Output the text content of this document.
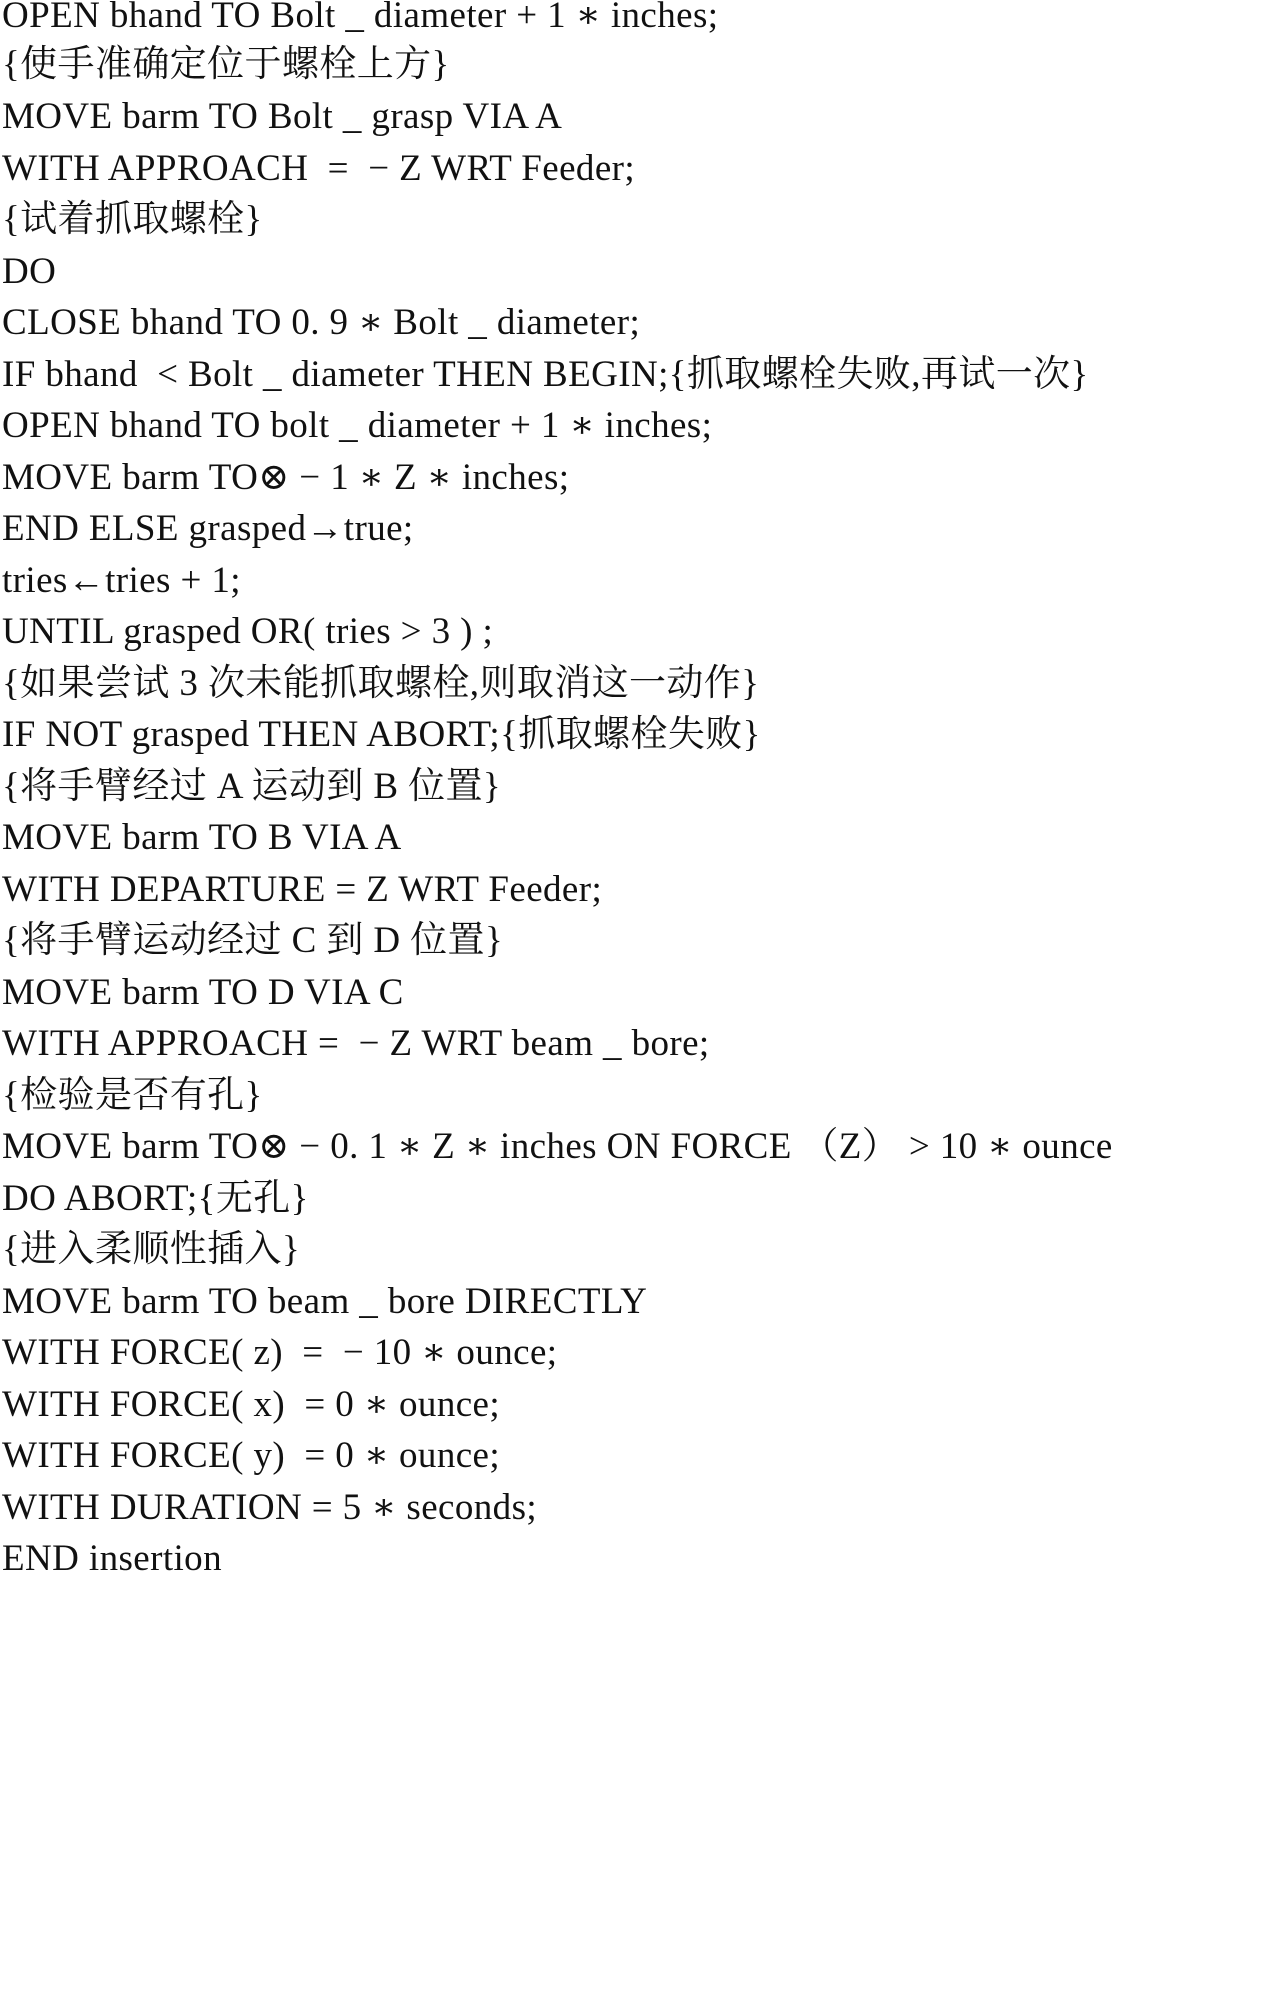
OPEN bhand TO Bolt _ diameter + 1 ∗ inches;
{使手准确定位于螺栓上方}
MOVE barm TO Bolt _ grasp VIA A
WITH APPROACH  =  − Z WRT Feeder;
{试着抓取螺栓}
DO
CLOSE bhand TO 0. 9 ∗ Bolt _ diameter;
IF bhand  < Bolt _ diameter THEN BEGIN;{抓取螺栓失败,再试一次}
OPEN bhand TO bolt _ diameter + 1 ∗ inches;
MOVE barm TO⊗ − 1 ∗ Z ∗ inches;
END ELSE grasped→true;
tries←tries + 1;
UNTIL grasped OR( tries > 3 ) ;
{如果尝试 3 次未能抓取螺栓,则取消这一动作}
IF NOT grasped THEN ABORT;{抓取螺栓失败}
{将手臂经过 A 运动到 B 位置}
MOVE barm TO B VIA A
WITH DEPARTURE = Z WRT Feeder;
{将手臂运动经过 C 到 D 位置}
MOVE barm TO D VIA C
WITH APPROACH =  − Z WRT beam _ bore;
{检验是否有孔}
MOVE barm TO⊗ − 0. 1 ∗ Z ∗ inches ON FORCE （Z） > 10 ∗ ounce
DO ABORT;{无孔}
{进入柔顺性插入}
MOVE barm TO beam _ bore DIRECTLY
WITH FORCE( z)  =  − 10 ∗ ounce;
WITH FORCE( x)  = 0 ∗ ounce;
WITH FORCE( y)  = 0 ∗ ounce;
WITH DURATION = 5 ∗ seconds;
END insertion
